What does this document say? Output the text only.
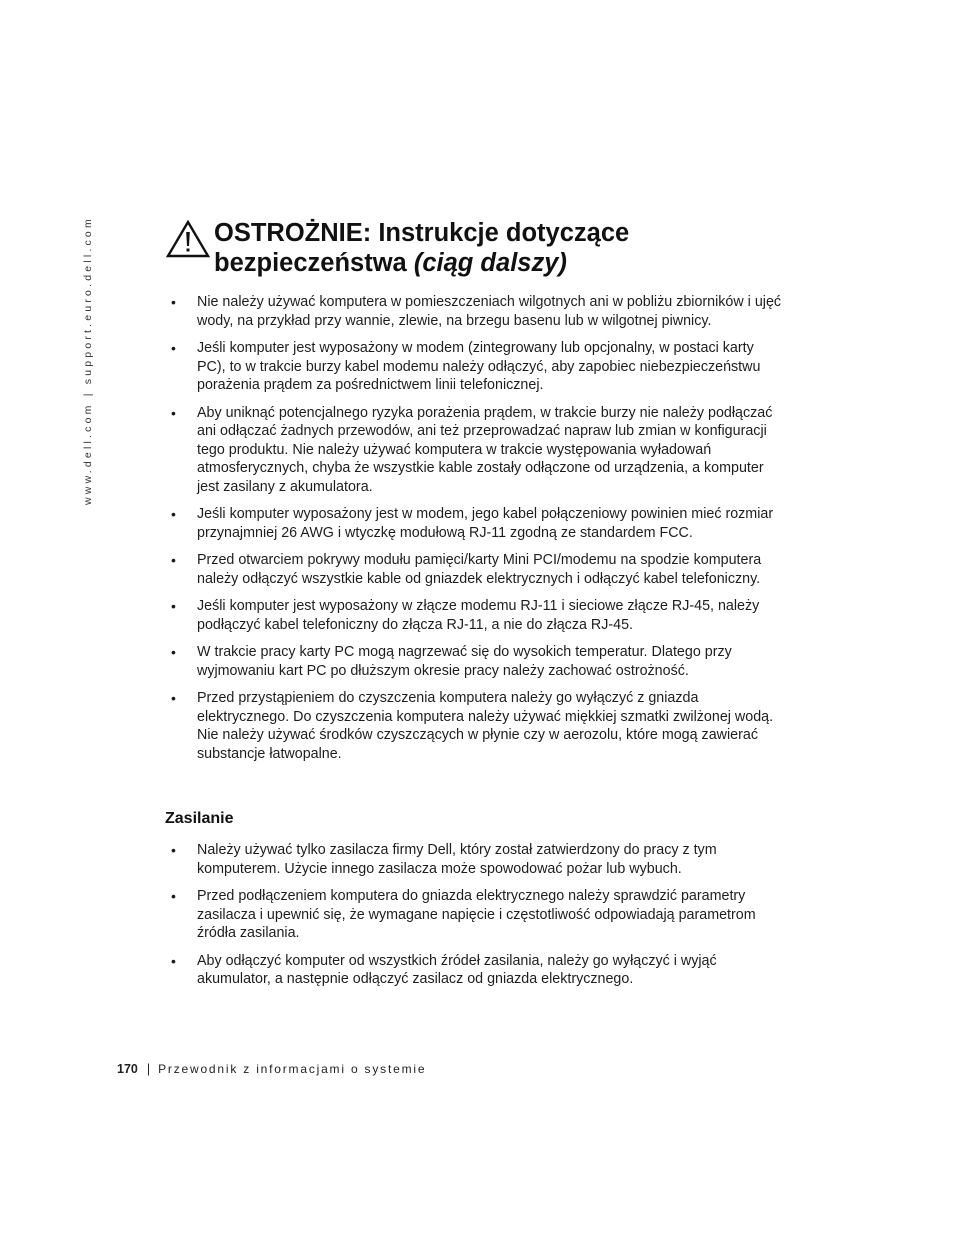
www.dell.com | support.euro.dell.com	OSTROŻNIE: Instrukcje dotyczące bezpieczeństwa (ciąg dalszy)
• Nie należy używać komputera w pomieszczeniach wilgotnych ani w pobliżu zbiorników i ujęć wody, na przykład przy wannie, zlewie, na brzegu basenu lub w wilgotnej piwnicy.
• Jeśli komputer jest wyposażony w modem (zintegrowany lub opcjonalny, w postaci karty PC), to w trakcie burzy kabel modemu należy odłączyć, aby zapobiec niebezpieczeństwu porażenia prądem za pośrednictwem linii telefonicznej.
• Aby uniknąć potencjalnego ryzyka porażenia prądem, w trakcie burzy nie należy podłączać ani odłączać żadnych przewodów, ani też przeprowadzać napraw lub zmian w konfiguracji tego produktu. Nie należy używać komputera w trakcie występowania wyładowań atmosferycznych, chyba że wszystkie kable zostały odłączone od urządzenia, a komputer jest zasilany z akumulatora.
• Jeśli komputer wyposażony jest w modem, jego kabel połączeniowy powinien mieć rozmiar przynajmniej 26 AWG i wtyczkę modułową RJ-11 zgodną ze standardem FCC.
• Przed otwarciem pokrywy modułu pamięci/karty Mini PCI/modemu na spodzie komputera należy odłączyć wszystkie kable od gniazdek elektrycznych i odłączyć kabel telefoniczny.
• Jeśli komputer jest wyposażony w złącze modemu RJ-11 i sieciowe złącze RJ-45, należy podłączyć kabel telefoniczny do złącza RJ-11, a nie do złącza RJ-45.
• W trakcie pracy karty PC mogą nagrzewać się do wysokich temperatur. Dlatego przy wyjmowaniu kart PC po dłuższym okresie pracy należy zachować ostrożność.
• Przed przystąpieniem do czyszczenia komputera należy go wyłączyć z gniazda elektrycznego. Do czyszczenia komputera należy używać miękkiej szmatki zwilżonej wodą. Nie należy używać środków czyszczących w płynie czy w aerozolu, które mogą zawierać substancje łatwopalne.
Zasilanie
• Należy używać tylko zasilacza firmy Dell, który został zatwierdzony do pracy z tym komputerem. Użycie innego zasilacza może spowodować pożar lub wybuch.
• Przed podłączeniem komputera do gniazda elektrycznego należy sprawdzić parametry zasilacza i upewnić się, że wymagane napięcie i częstotliwość odpowiadają parametrom źródła zasilania.
• Aby odłączyć komputer od wszystkich źródeł zasilania, należy go wyłączyć i wyjąć akumulator, a następnie odłączyć zasilacz od gniazda elektrycznego.
170 | Przewodnik z informacjami o systemie
